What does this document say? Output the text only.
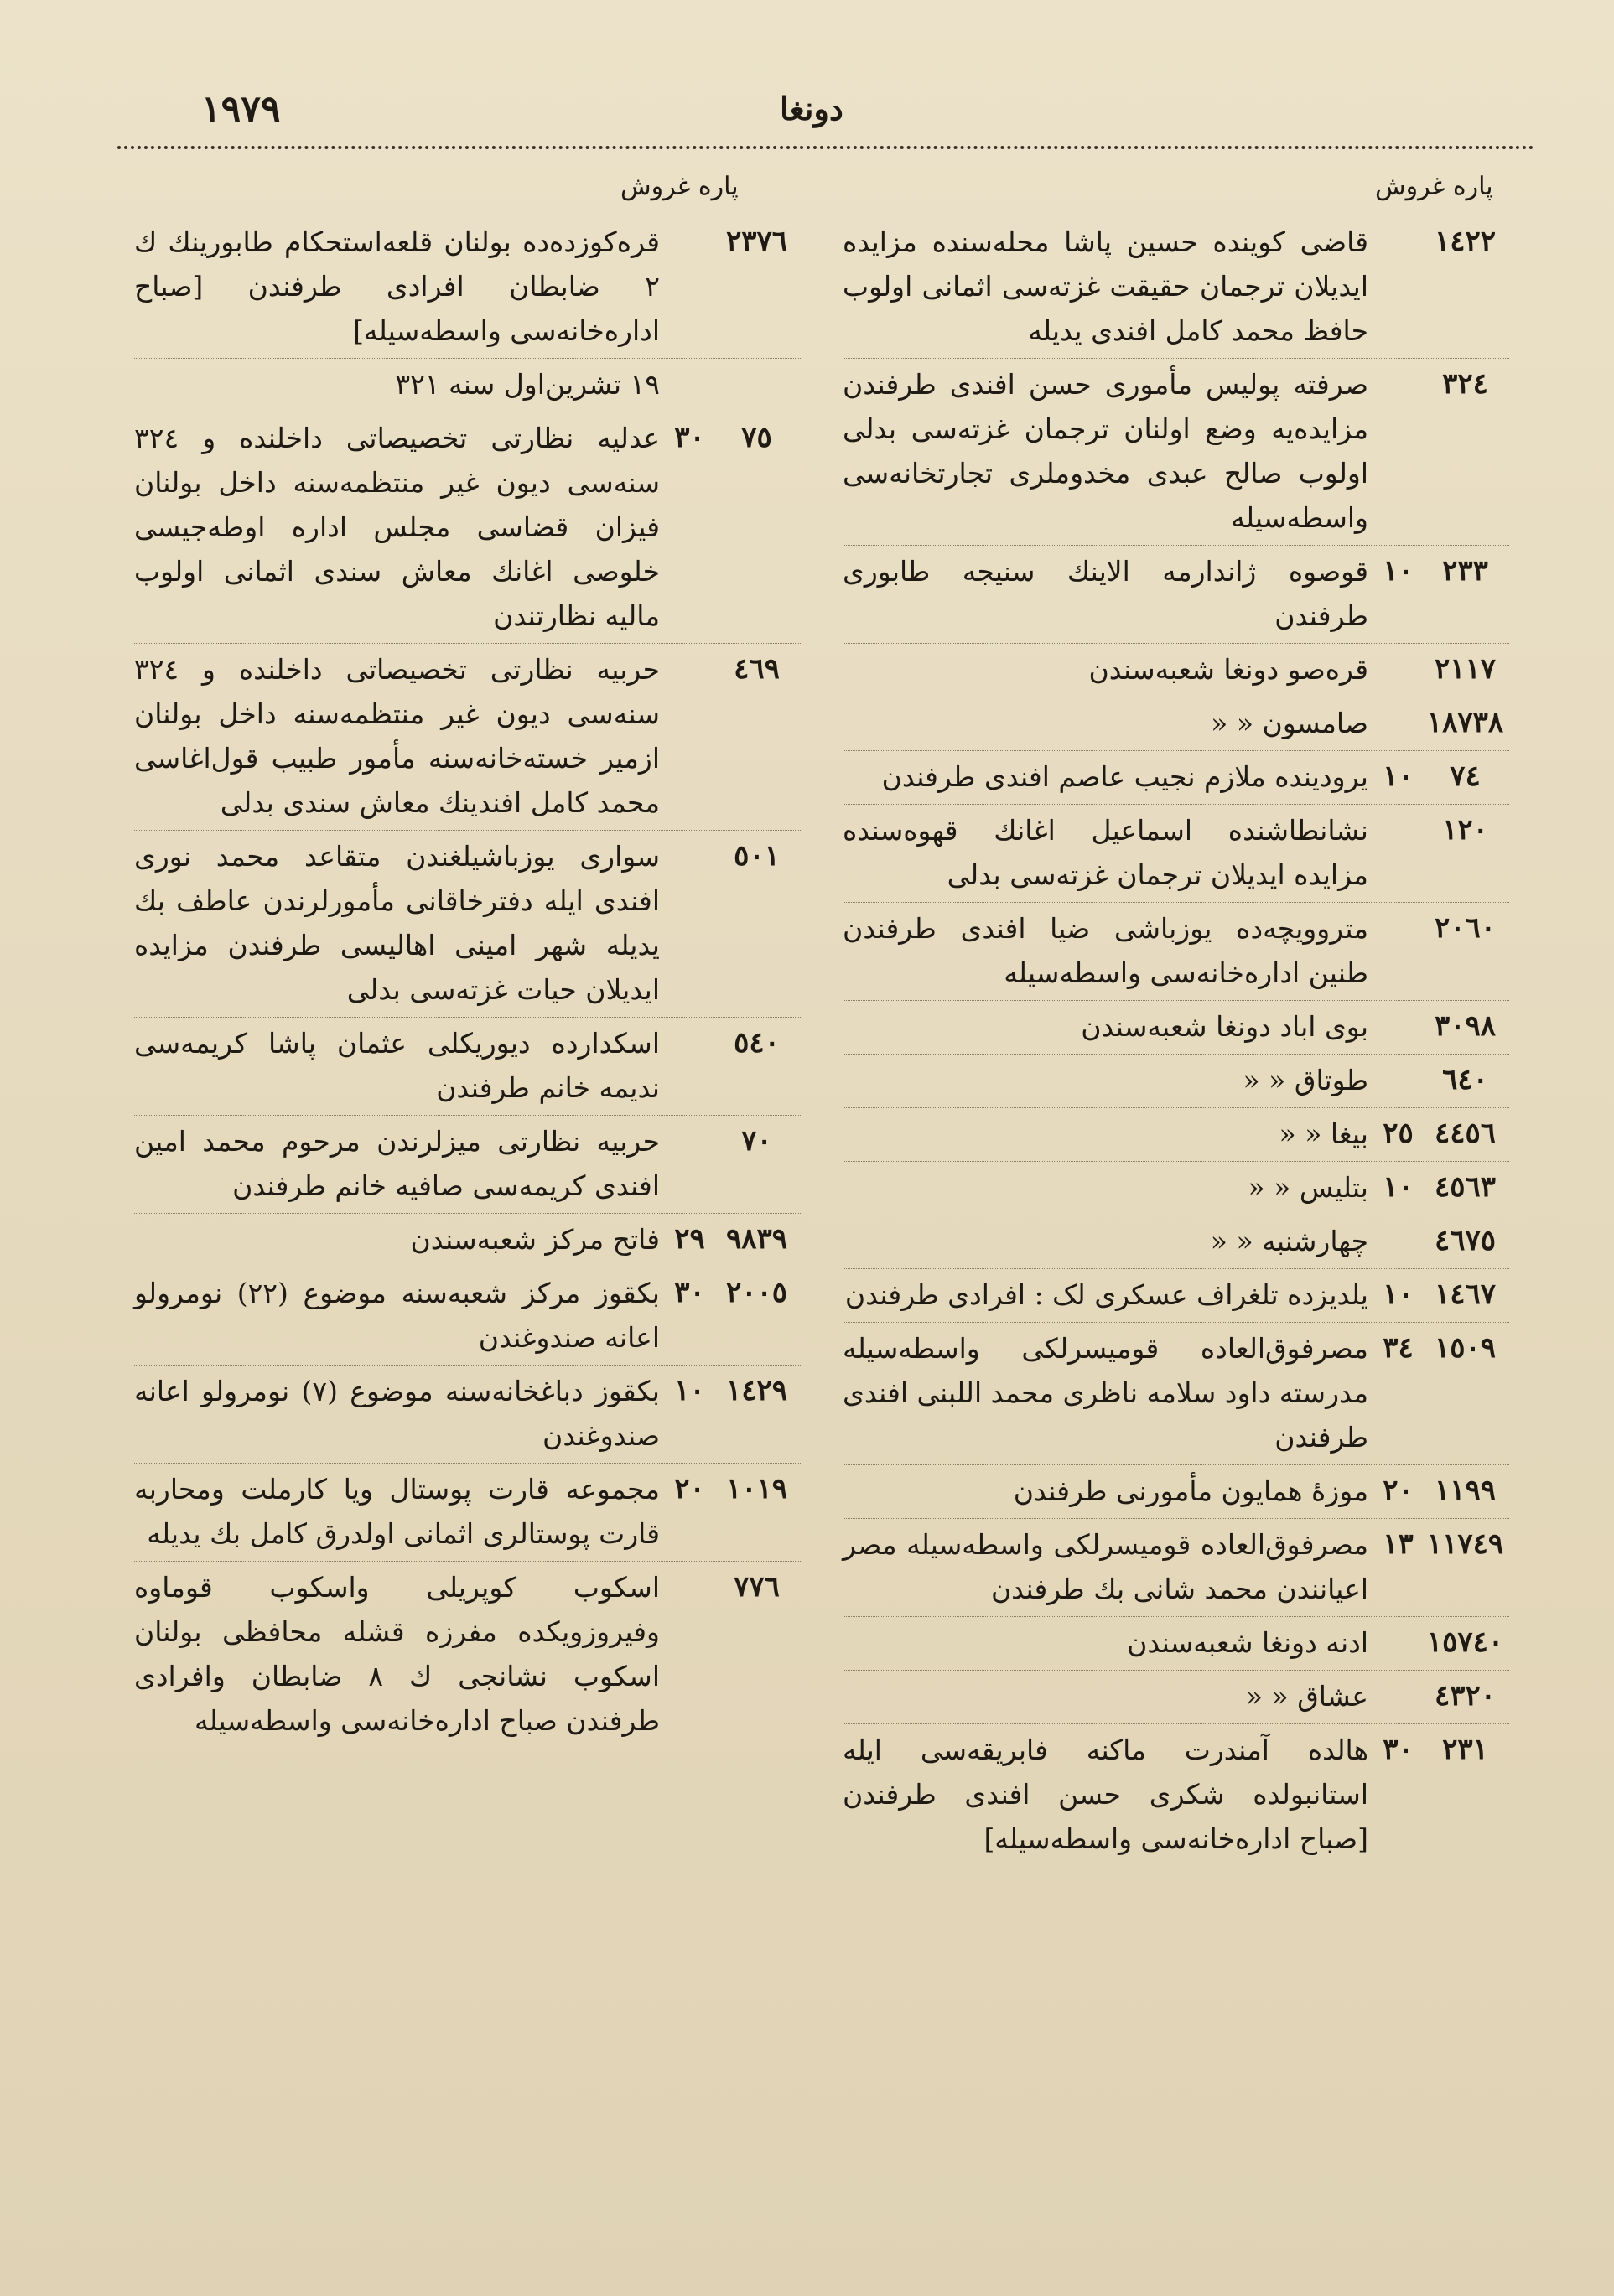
١٩٧٩	دونغا
پاره غروش
پاره غروش
١٤٢٢
قاضی کویندە حسین پاشا محلەسندە مزایدە ایدیلان ترجمان حقیقت غزتەسی اثمانی اولوب حافظ محمد کامل افندی یدیلە
٣٢٤
صرفتە پولیس مأموری حسن افندی طرفندن مزایدەیە وضع اولنان ترجمان غزتەسی بدلی اولوب صالح عبدی مخدوملری تجارتخانەسی واسطەسیلە
٢٣٣
١٠
قوصوه ژاندارمه الاینك سنیجه طابوری طرفندن
٢١١٧
قره‌صو دونغا شعبه‌سندن
١٨٧٣٨
صامسون « «
٧٤
١٠
یرودیندە ملازم نجیب عاصم افندی طرفندن
١٢٠
نشانطاشندە اسماعیل اغانك قهوه‌سندە مزایدە ایدیلان ترجمان غزتەسی بدلی
٢٠٦٠
متروویچەدە یوزباشی ضیا افندی طرفندن طنین ادارەخانەسی واسطەسیلە
٣٠٩٨
بوی اباد دونغا شعبه‌سندن
٦٤٠
طوتاق « «
٤٤٥٦
٢٥
بیغا « «
٤٥٦٣
١٠
بتلیس « «
٤٦٧٥
چهارشنبه « «
١٤٦٧
١٠
یلدیزدە تلغراف عسکری لک : افرادی طرفندن
١٥٠٩
٣٤
مصرفوق‌العاده قومیسرلکی واسطه‌سیله مدرسته داود سلامه ناظری محمد اللبنی افندی طرفندن
١١٩٩
٢٠
موزهٔ همایون مأمورنی طرفندن
١١٧٤٩
١٣
مصرفوق‌العاده قومیسرلکی واسطه‌سیله مصر اعیانندن محمد شانی بك طرفندن
١٥٧٤٠
ادنه دونغا شعبه‌سندن
٤٣٢٠
عشاق « «
٢٣١
٣٠
هالدە آمندرت ماکنه فابریقەسی ایلە استانبولدە شکری حسن افندی طرفندن [صباح ادارەخانەسی واسطەسیلە]
٢٣٧٦
قره‌کوزدە‌ده بولنان قلعه‌استحکام طابورینك ك ٢ ضابطان افرادی طرفندن [صباح ادارەخانەسی واسطەسیلە]
١٩ تشرین‌اول سنه ٣٢١
٧٥
٣٠
عدلیه نظارتی تخصیصاتی داخلندە و ٣٢٤ سنەسی دیون غیر منتظمەسنە داخل بولنان فیزان قضاسی مجلس ادارە اوطەجیسی خلوصی اغانك معاش سندی اثمانی اولوب مالیه نظارتندن
٤٦٩
حربیه نظارتی تخصیصاتی داخلندە و ٣٢٤ سنەسی دیون غیر منتظمەسنە داخل بولنان ازمیر خستەخانەسنە مأمور طبیب قول‌اغاسی محمد کامل افندینك معاش سندی بدلی
٥٠١
سواری یوزباشیلغندن متقاعد محمد نوری افندی ایلە دفترخاقانی مأمورلرندن عاطف بك یدیلە شهر امینی اهالیسی طرفندن مزایدە ایدیلان حیات غزتەسی بدلی
٥٤٠
اسکداردە دیوریکلی عثمان پاشا کریمەسی ندیمه خانم طرفندن
٧٠
حربیه نظارتی میزلرندن مرحوم محمد امین افندی کریمەسی صافیه خانم طرفندن
٩٨٣٩
٢٩
فاتح مرکز شعبه‌سندن
٢٠٠٥
٣٠
بکقوز مرکز شعبه‌سنه موضوع (٢٢) نومرولو اعانه صندوغندن
١٤٢٩
١٠
بکقوز دباغخانه‌سنه موضوع (٧) نومرولو اعانه صندوغندن
١٠١٩
٢٠
مجموعه قارت پوستال ویا کارملت ومحاربه قارت پوستالری اثمانی اولدرق کامل بك یدیلە
٧٧٦
اسکوب کوپریلی واسکوب قوماوه وفیروزویکدە مفرزه قشله محافظی بولنان اسکوب نشانجی ك ٨ ضابطان وافرادی طرفندن صباح ادارەخانەسی واسطەسیلە
